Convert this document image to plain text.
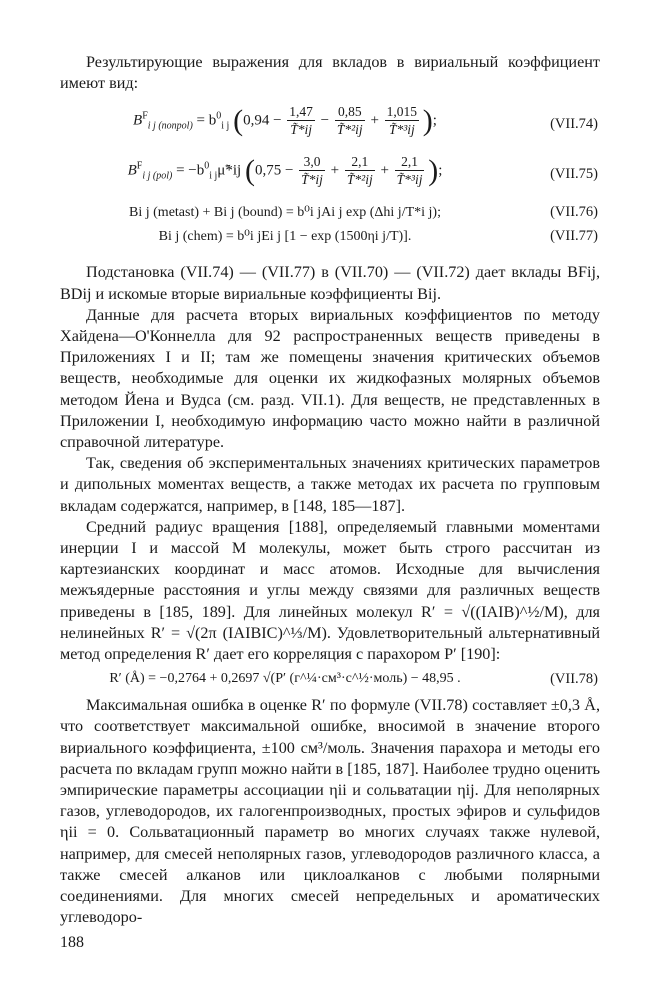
Результирующие выражения для вкладов в вириальный коэффициент имеют вид:

$B^F_{i j (nonpol)} = b^0_{i j}$ ($0,94 - \frac{1,47}{T̃*ij} - \frac{0,85}{\text{T̃*²ij}} + \frac{1,015}{\text{T̃*³ij}}$ );	(VII.74)
$B^F_{i j (pol)}$ = $-b^0_{i j}\mũ*ij$ ($0,75 - \frac{3,0}{T̃*ij} + \frac{2,1}{\text{T̃*²ij}} + \frac{2,1}{\text{T̃*³ij}}$ );	(VII.75)
Bi j (metast) + Bi j (bound) = b⁰i jAi j exp (Δhi j/T*i j);	(VII.76)
Bi j (chem) = b⁰i jEi j [1 − exp (1500ηi j/T)].	(VII.77)

Подстановка (VII.74) — (VII.77) в (VII.70) — (VII.72) дает вклады BFij, BDij и искомые вторые вириальные коэффициенты Bij.

Данные для расчета вторых вириальных коэффициентов по методу Хайдена—О'Коннелла для 92 распространенных веществ приведены в Приложениях I и II; там же помещены значения критических объемов веществ, необходимые для оценки их жидкофазных молярных объемов методом Йена и Вудса (см. разд. VII.1). Для веществ, не представленных в Приложении I, необходимую информацию часто можно найти в различной справочной литературе.

Так, сведения об экспериментальных значениях критических параметров и дипольных моментах веществ, а также методах их расчета по групповым вкладам содержатся, например, в [148, 185—187].

Средний радиус вращения [188], определяемый главными моментами инерции I и массой M молекулы, может быть строго рассчитан из картезианских координат и масс атомов. Исходные для вычисления межъядерные расстояния и углы между связями для различных веществ приведены в [185, 189]. Для линейных молекул R′ = √((IAIB)^½/M), для нелинейных R′ = √(2π (IAIBIC)^⅓/M). Удовлетворительный альтернативный метод определения R′ дает его корреляция с парахором P′ [190]:

R′ (Å) = −0,2764 + 0,2697 √(P′ (г^¼·см³·с^½·моль) − 48,95 .	(VII.78)

Максимальная ошибка в оценке R′ по формуле (VII.78) составляет ±0,3 Å, что соответствует максимальной ошибке, вносимой в значение второго вириального коэффициента, ±100 см³/моль. Значения парахора и методы его расчета по вкладам групп можно найти в [185, 187]. Наиболее трудно оценить эмпирические параметры ассоциации ηii и сольватации ηij. Для неполярных газов, углеводородов, их галогенпроизводных, простых эфиров и сульфидов ηii = 0. Сольватационный параметр во многих случаях также нулевой, например, для смесей неполярных газов, углеводородов различного класса, а также смесей алканов или циклоалканов с любыми полярными соединениями. Для многих смесей непредельных и ароматических углеводоро-

188
